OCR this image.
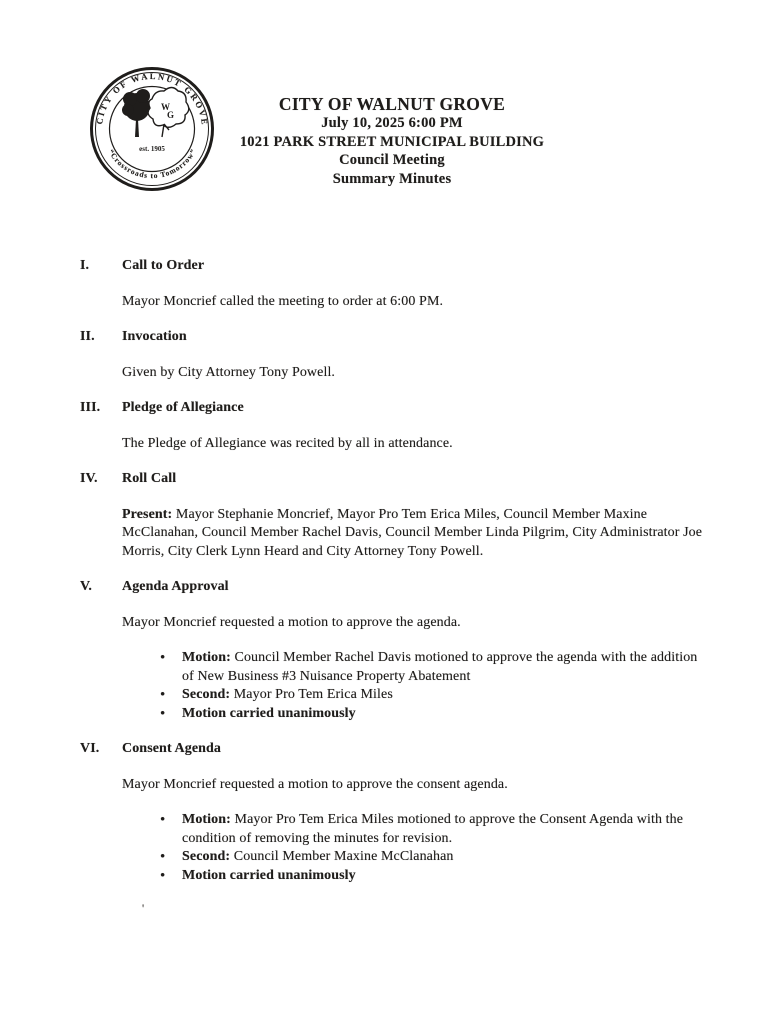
CITY OF WALNUT GROVE
“Crossroads to Tomorrow”
W
G
est. 1905
CITY OF WALNUT GROVE
July 10, 2025 6:00 PM
1021 PARK STREET MUNICIPAL BUILDING
Council Meeting
Summary Minutes
I.	Call to Order

Mayor Moncrief called the meeting to order at 6:00 PM.

II.	Invocation

Given by City Attorney Tony Powell.

III.	Pledge of Allegiance

The Pledge of Allegiance was recited by all in attendance.

IV.	Roll Call

Present: Mayor Stephanie Moncrief, Mayor Pro Tem Erica Miles, Council Member Maxine McClanahan, Council Member Rachel Davis, Council Member Linda Pilgrim, City Administrator Joe Morris, City Clerk Lynn Heard and City Attorney Tony Powell.

V.	Agenda Approval

Mayor Moncrief requested a motion to approve the agenda.

• Motion: Council Member Rachel Davis motioned to approve the agenda with the addition of New Business #3 Nuisance Property Abatement
• Second: Mayor Pro Tem Erica Miles
• Motion carried unanimously
VI.	Consent Agenda

Mayor Moncrief requested a motion to approve the consent agenda.

• Motion: Mayor Pro Tem Erica Miles motioned to approve the Consent Agenda with the condition of removing the minutes for revision.
• Second: Council Member Maxine McClanahan
• Motion carried unanimously
'
